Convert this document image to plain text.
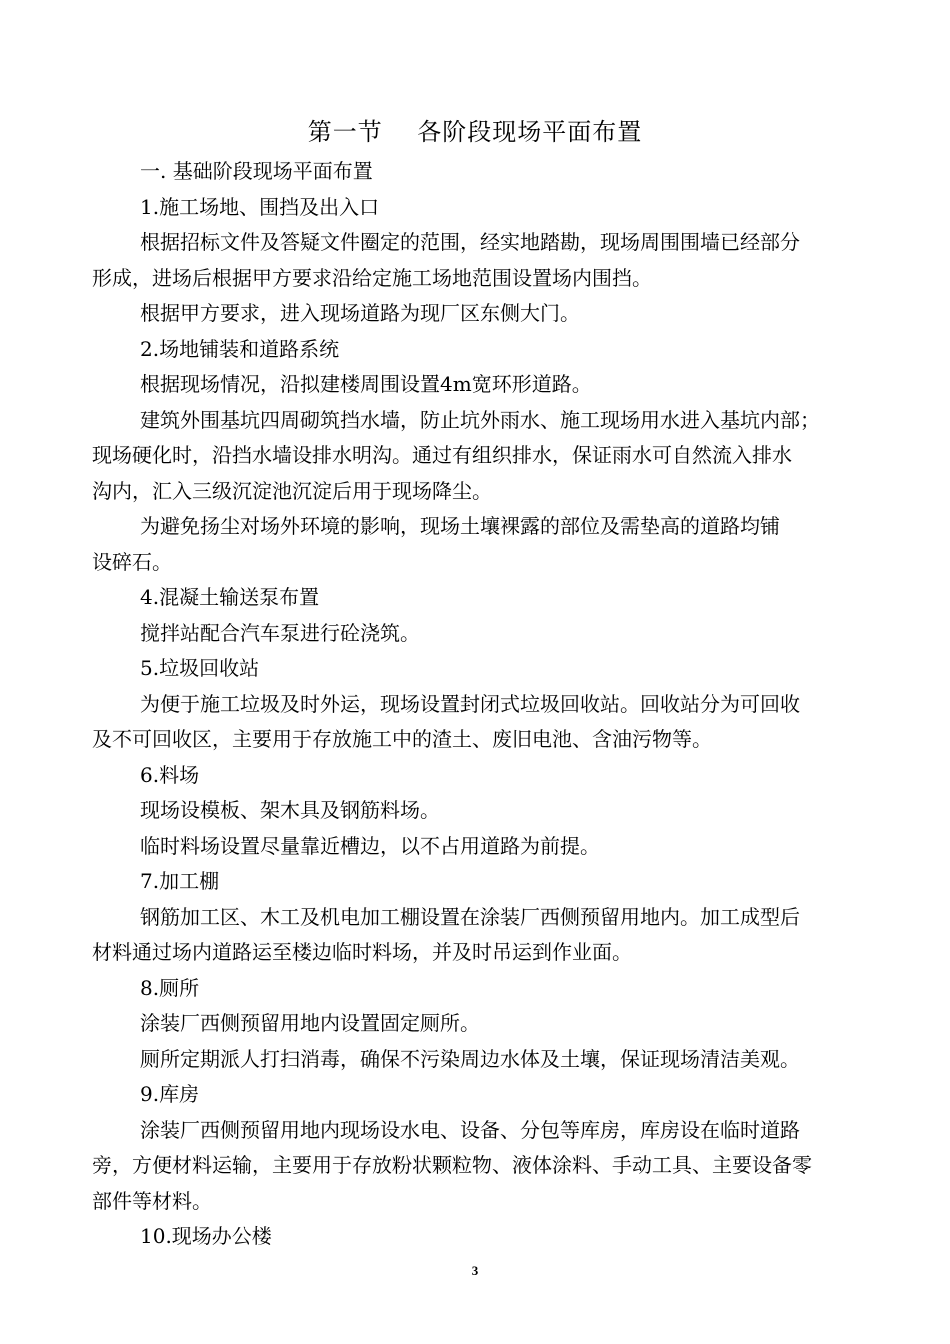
第一节    各阶段现场平面布置
一. 基础阶段现场平面布置
1.施工场地、围挡及出入口
根据招标文件及答疑文件圈定的范围，经实地踏勘，现场周围围墙已经部分
形成，进场后根据甲方要求沿给定施工场地范围设置场内围挡。
根据甲方要求，进入现场道路为现厂区东侧大门。
2.场地铺装和道路系统
根据现场情况，沿拟建楼周围设置4m宽环形道路。
建筑外围基坑四周砌筑挡水墙，防止坑外雨水、施工现场用水进入基坑内部；
现场硬化时，沿挡水墙设排水明沟。通过有组织排水，保证雨水可自然流入排水
沟内，汇入三级沉淀池沉淀后用于现场降尘。
为避免扬尘对场外环境的影响，现场土壤裸露的部位及需垫高的道路均铺
设碎石。
4.混凝土输送泵布置
搅拌站配合汽车泵进行砼浇筑。
5.垃圾回收站
为便于施工垃圾及时外运，现场设置封闭式垃圾回收站。回收站分为可回收
及不可回收区，主要用于存放施工中的渣土、废旧电池、含油污物等。
6.料场
现场设模板、架木具及钢筋料场。
临时料场设置尽量靠近槽边，以不占用道路为前提。
7.加工棚
钢筋加工区、木工及机电加工棚设置在涂装厂西侧预留用地内。加工成型后
材料通过场内道路运至楼边临时料场，并及时吊运到作业面。
8.厕所
涂装厂西侧预留用地内设置固定厕所。
厕所定期派人打扫消毒，确保不污染周边水体及土壤，保证现场清洁美观。
9.库房
涂装厂西侧预留用地内现场设水电、设备、分包等库房，库房设在临时道路
旁，方便材料运输，主要用于存放粉状颗粒物、液体涂料、手动工具、主要设备零
部件等材料。
10.现场办公楼
3
